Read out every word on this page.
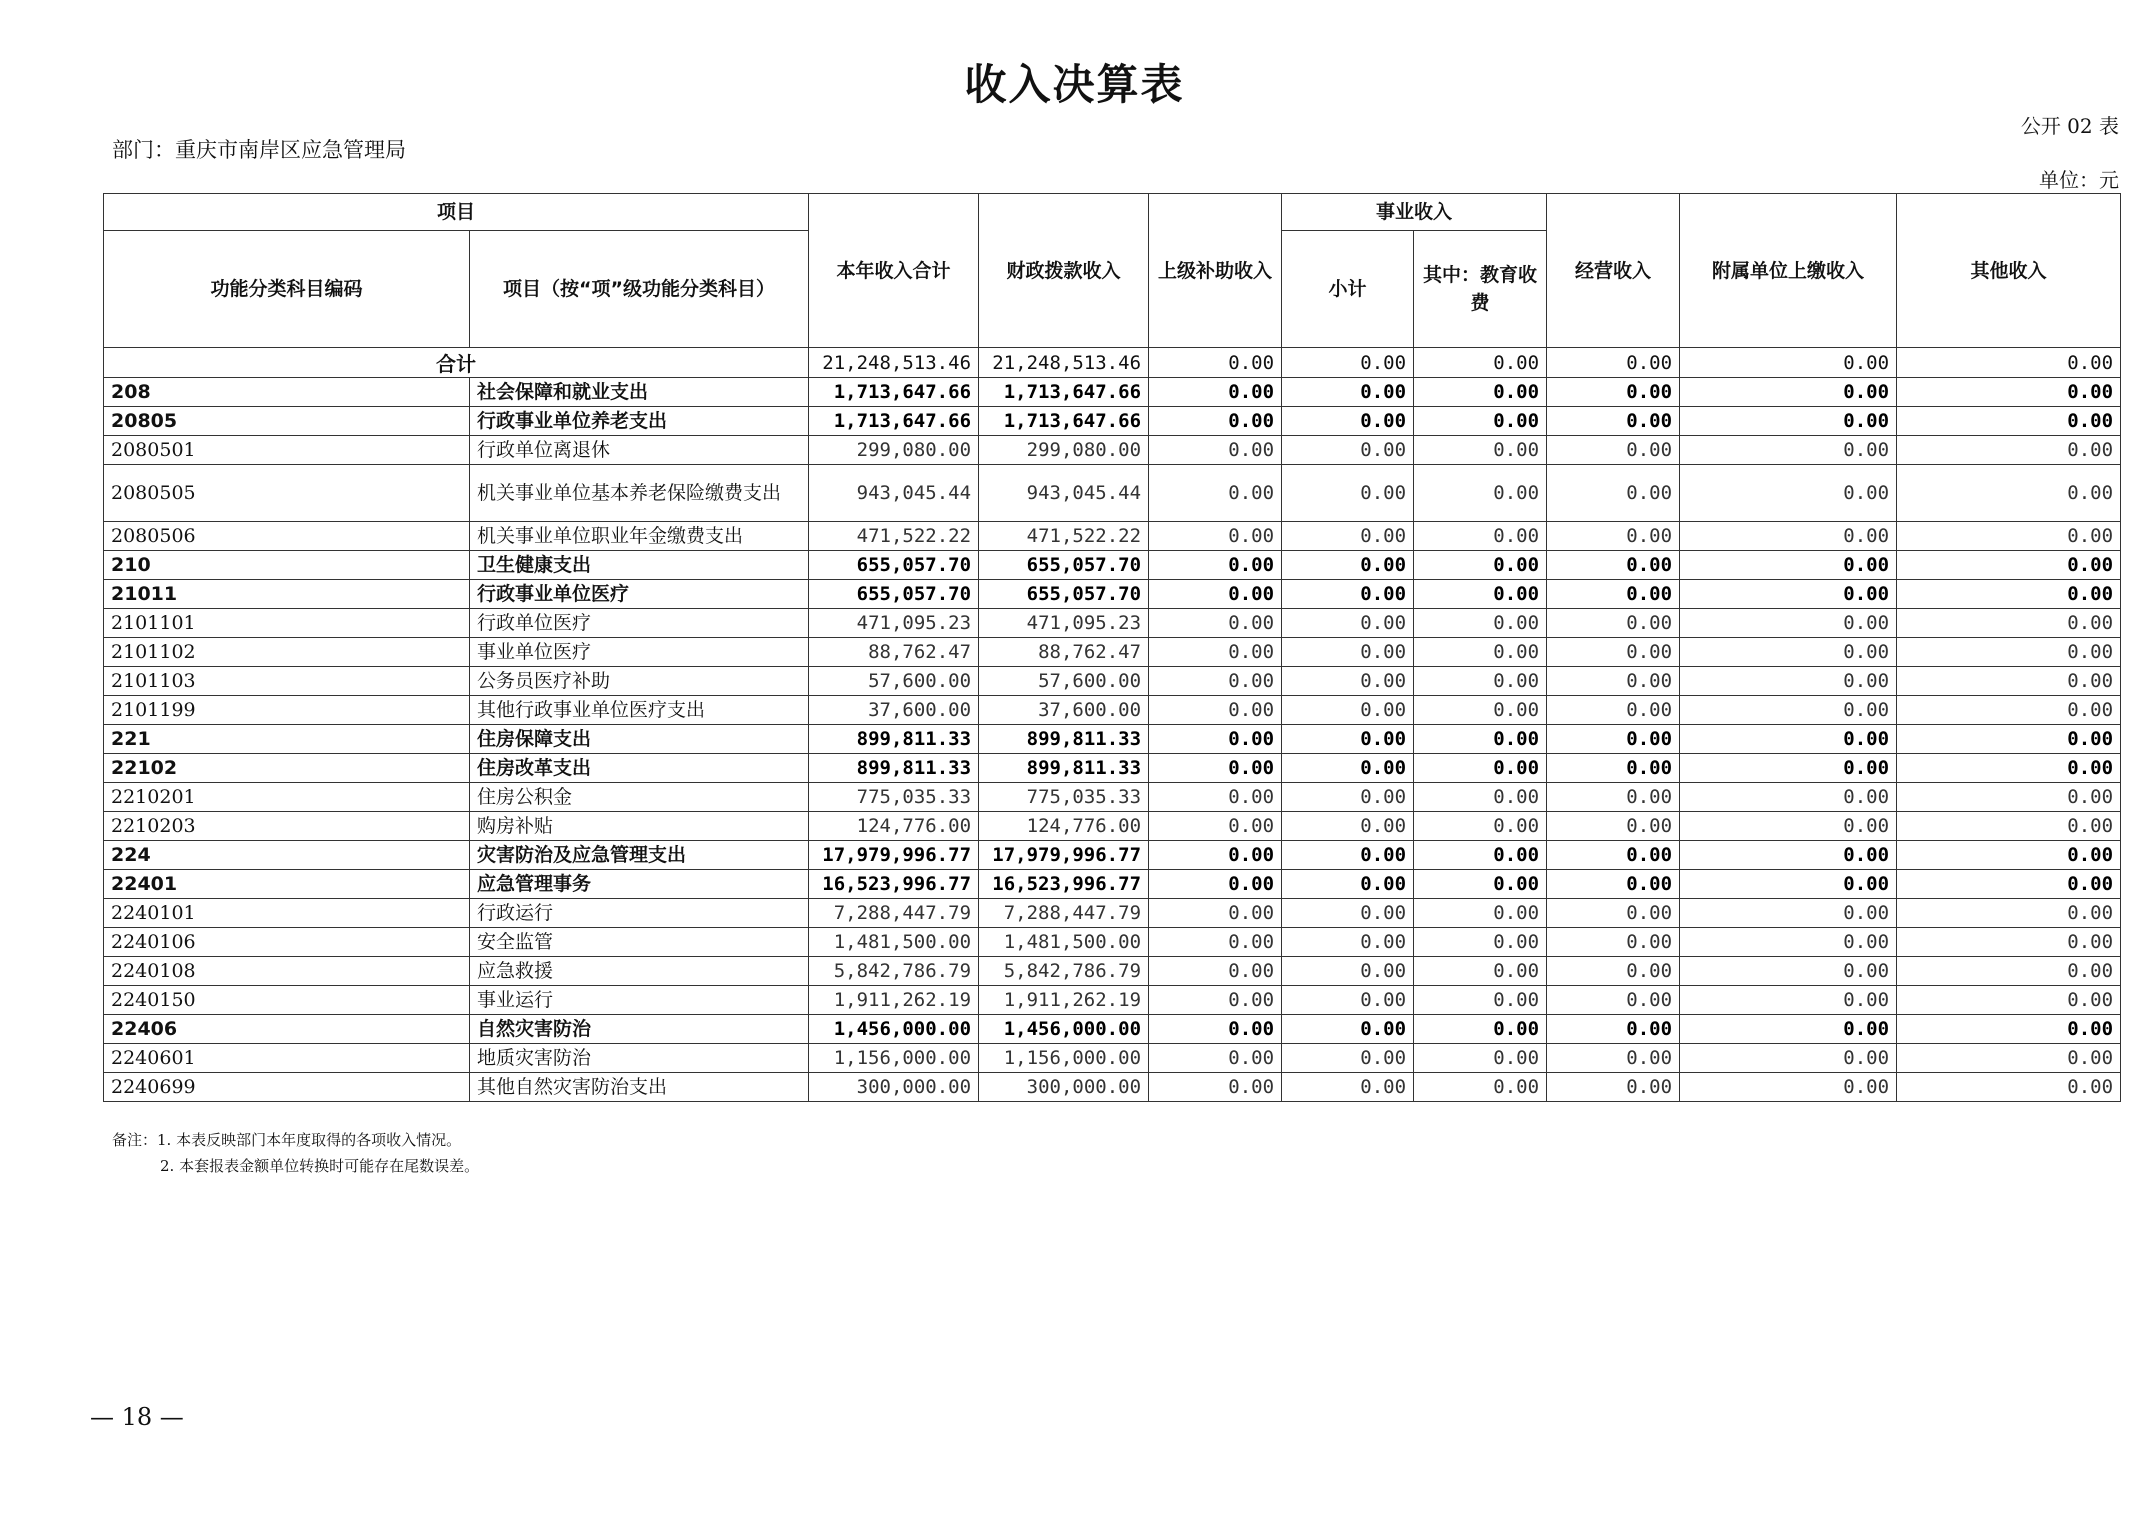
收入决算表
公开 02 表
部门：重庆市南岸区应急管理局
单位：元
项目		本年收入合计	财政拨款收入	上级补助收入	事业收入		经营收入	附属单位上缴收入	其他收入
功能分类科目编码	项目（按“项”级功能分类科目）				小计	其中：教育收费			
合计		21,248,513.46	21,248,513.46	0.00	0.00	0.00	0.00	0.00	0.00
208	社会保障和就业支出	1,713,647.66	1,713,647.66	0.00	0.00	0.00	0.00	0.00	0.00
20805	行政事业单位养老支出	1,713,647.66	1,713,647.66	0.00	0.00	0.00	0.00	0.00	0.00
2080501	行政单位离退休	299,080.00	299,080.00	0.00	0.00	0.00	0.00	0.00	0.00
2080505	机关事业单位基本养老保险缴费支出	943,045.44	943,045.44	0.00	0.00	0.00	0.00	0.00	0.00
2080506	机关事业单位职业年金缴费支出	471,522.22	471,522.22	0.00	0.00	0.00	0.00	0.00	0.00
210	卫生健康支出	655,057.70	655,057.70	0.00	0.00	0.00	0.00	0.00	0.00
21011	行政事业单位医疗	655,057.70	655,057.70	0.00	0.00	0.00	0.00	0.00	0.00
2101101	行政单位医疗	471,095.23	471,095.23	0.00	0.00	0.00	0.00	0.00	0.00
2101102	事业单位医疗	88,762.47	88,762.47	0.00	0.00	0.00	0.00	0.00	0.00
2101103	公务员医疗补助	57,600.00	57,600.00	0.00	0.00	0.00	0.00	0.00	0.00
2101199	其他行政事业单位医疗支出	37,600.00	37,600.00	0.00	0.00	0.00	0.00	0.00	0.00
221	住房保障支出	899,811.33	899,811.33	0.00	0.00	0.00	0.00	0.00	0.00
22102	住房改革支出	899,811.33	899,811.33	0.00	0.00	0.00	0.00	0.00	0.00
2210201	住房公积金	775,035.33	775,035.33	0.00	0.00	0.00	0.00	0.00	0.00
2210203	购房补贴	124,776.00	124,776.00	0.00	0.00	0.00	0.00	0.00	0.00
224	灾害防治及应急管理支出	17,979,996.77	17,979,996.77	0.00	0.00	0.00	0.00	0.00	0.00
22401	应急管理事务	16,523,996.77	16,523,996.77	0.00	0.00	0.00	0.00	0.00	0.00
2240101	行政运行	7,288,447.79	7,288,447.79	0.00	0.00	0.00	0.00	0.00	0.00
2240106	安全监管	1,481,500.00	1,481,500.00	0.00	0.00	0.00	0.00	0.00	0.00
2240108	应急救援	5,842,786.79	5,842,786.79	0.00	0.00	0.00	0.00	0.00	0.00
2240150	事业运行	1,911,262.19	1,911,262.19	0.00	0.00	0.00	0.00	0.00	0.00
22406	自然灾害防治	1,456,000.00	1,456,000.00	0.00	0.00	0.00	0.00	0.00	0.00
2240601	地质灾害防治	1,156,000.00	1,156,000.00	0.00	0.00	0.00	0.00	0.00	0.00
2240699	其他自然灾害防治支出	300,000.00	300,000.00	0.00	0.00	0.00	0.00	0.00	0.00
备注：1. 本表反映部门本年度取得的各项收入情况。
2. 本套报表金额单位转换时可能存在尾数误差。
— 18 —
